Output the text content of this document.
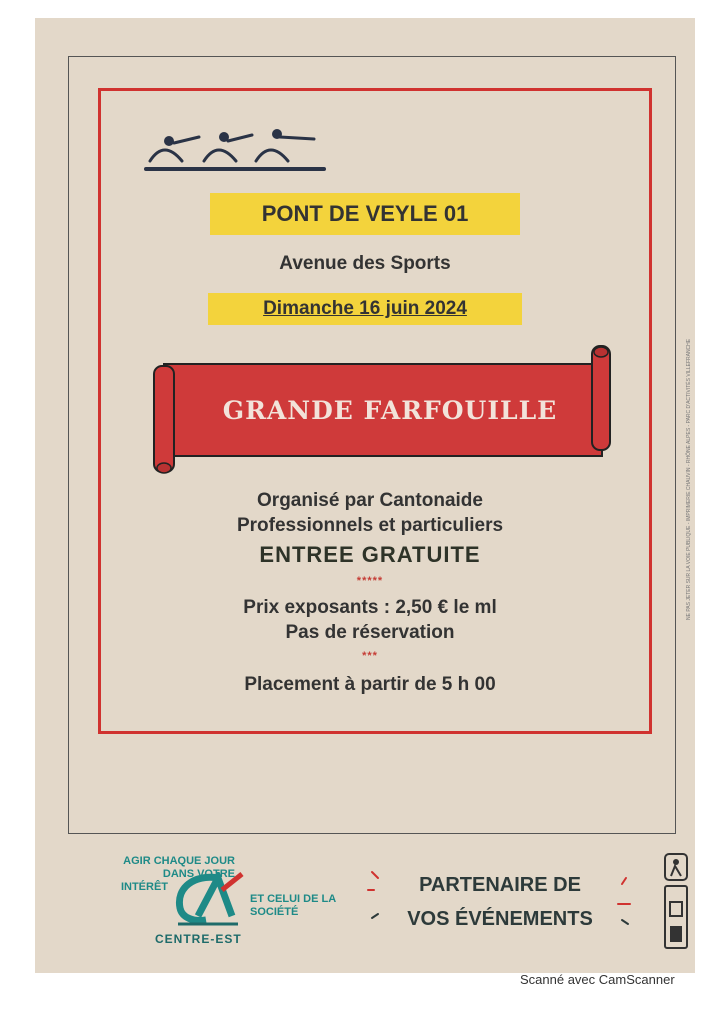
PONT DE VEYLE 01
Avenue des Sports
Dimanche 16 juin 2024
GRANDE FARFOUILLE
Organisé par Cantonaide
Professionnels et particuliers
ENTREE GRATUITE
*****
Prix exposants : 2,50 € le ml
Pas de réservation
***
Placement à partir de 5 h 00
AGIR CHAQUE JOUR
DANS VOTRE
INTÉRÊT
ET CELUI DE LA
SOCIÉTÉ
CENTRE-EST
PARTENAIRE DE
VOS ÉVÉNEMENTS
Scanné avec CamScanner
